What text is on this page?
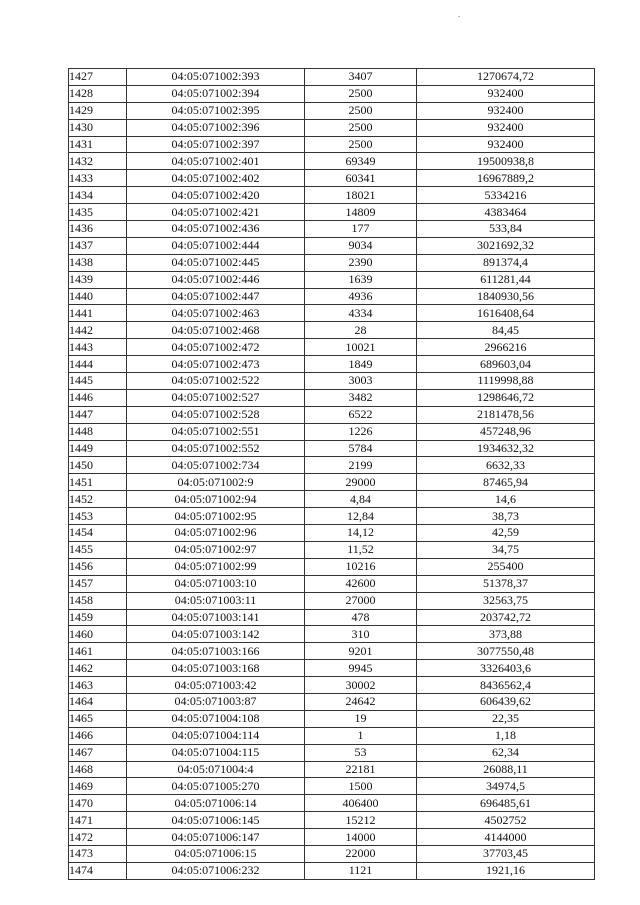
1427	04:05:071002:393	3407	1270674,72
1428	04:05:071002:394	2500	932400
1429	04:05:071002:395	2500	932400
1430	04:05:071002:396	2500	932400
1431	04:05:071002:397	2500	932400
1432	04:05:071002:401	69349	19500938,8
1433	04:05:071002:402	60341	16967889,2
1434	04:05:071002:420	18021	5334216
1435	04:05:071002:421	14809	4383464
1436	04:05:071002:436	177	533,84
1437	04:05:071002:444	9034	3021692,32
1438	04:05:071002:445	2390	891374,4
1439	04:05:071002:446	1639	611281,44
1440	04:05:071002:447	4936	1840930,56
1441	04:05:071002:463	4334	1616408,64
1442	04:05:071002:468	28	84,45
1443	04:05:071002:472	10021	2966216
1444	04:05:071002:473	1849	689603,04
1445	04:05:071002:522	3003	1119998,88
1446	04:05:071002:527	3482	1298646,72
1447	04:05:071002:528	6522	2181478,56
1448	04:05:071002:551	1226	457248,96
1449	04:05:071002:552	5784	1934632,32
1450	04:05:071002:734	2199	6632,33
1451	04:05:071002:9	29000	87465,94
1452	04:05:071002:94	4,84	14,6
1453	04:05:071002:95	12,84	38,73
1454	04:05:071002:96	14,12	42,59
1455	04:05:071002:97	11,52	34,75
1456	04:05:071002:99	10216	255400
1457	04:05:071003:10	42600	51378,37
1458	04:05:071003:11	27000	32563,75
1459	04:05:071003:141	478	203742,72
1460	04:05:071003:142	310	373,88
1461	04:05:071003:166	9201	3077550,48
1462	04:05:071003:168	9945	3326403,6
1463	04:05:071003:42	30002	8436562,4
1464	04:05:071003:87	24642	606439,62
1465	04:05:071004:108	19	22,35
1466	04:05:071004:114	1	1,18
1467	04:05:071004:115	53	62,34
1468	04:05:071004:4	22181	26088,11
1469	04:05:071005:270	1500	34974,5
1470	04:05:071006:14	406400	696485,61
1471	04:05:071006:145	15212	4502752
1472	04:05:071006:147	14000	4144000
1473	04:05:071006:15	22000	37703,45
1474	04:05:071006:232	1121	1921,16
